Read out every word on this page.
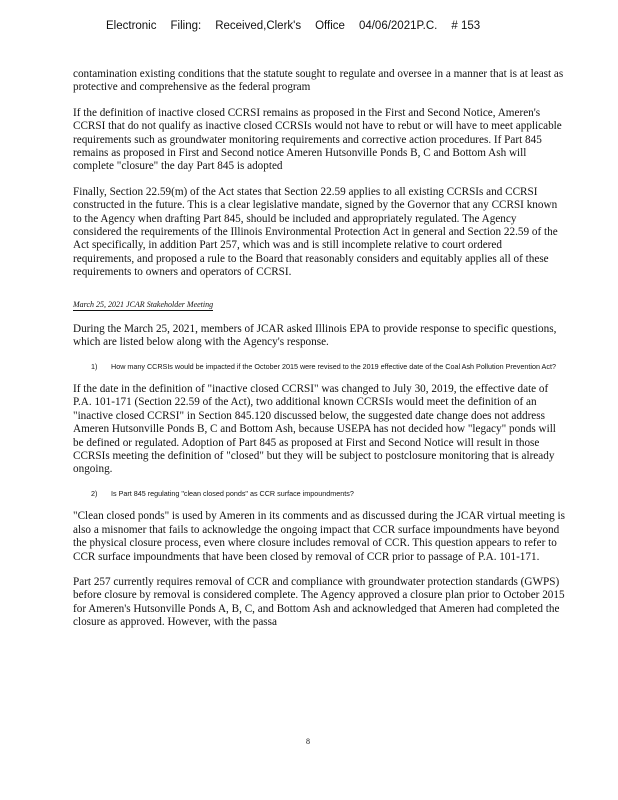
Electronic Filing: Received,Clerk's Office 04/06/2021P.C. # 153

contamination existing conditions that the statute sought to regulate and oversee in a manner that is at least as protective and comprehensive as the federal program

If the definition of inactive closed CCRSI remains as proposed in the First and Second Notice, Ameren's CCRSI that do not qualify as inactive closed CCRSIs would not have to rebut or will have to meet applicable requirements such as groundwater monitoring requirements and corrective action procedures. If Part 845 remains as proposed in First and Second notice Ameren Hutsonville Ponds B, C and Bottom Ash will complete "closure" the day Part 845 is adopted

Finally, Section 22.59(m) of the Act states that Section 22.59 applies to all existing CCRSIs and CCRSI constructed in the future. This is a clear legislative mandate, signed by the Governor that any CCRSI known to the Agency when drafting Part 845, should be included and appropriately regulated. The Agency considered the requirements of the Illinois Environmental Protection Act in general and Section 22.59 of the Act specifically, in addition Part 257, which was and is still incomplete relative to court ordered requirements, and proposed a rule to the Board that reasonably considers and equitably applies all of these requirements to owners and operators of CCRSI.

March 25, 2021 JCAR Stakeholder Meeting

During the March 25, 2021, members of JCAR asked Illinois EPA to provide response to specific questions, which are listed below along with the Agency's response.

1)	How many CCRSIs would be impacted if the October 2015 were revised to the 2019 effective date of the Coal Ash Pollution Prevention Act?

If the date in the definition of "inactive closed CCRSI" was changed to July 30, 2019, the effective date of P.A. 101-171 (Section 22.59 of the Act), two additional known CCRSIs would meet the definition of an "inactive closed CCRSI" in Section 845.120 discussed below, the suggested date change does not address Ameren Hutsonville Ponds B, C and Bottom Ash, because USEPA has not decided how "legacy" ponds will be defined or regulated. Adoption of Part 845 as proposed at First and Second Notice will result in those CCRSIs meeting the definition of "closed" but they will be subject to postclosure monitoring that is already ongoing.

2)	Is Part 845 regulating "clean closed ponds" as CCR surface impoundments?

"Clean closed ponds" is used by Ameren in its comments and as discussed during the JCAR virtual meeting is also a misnomer that fails to acknowledge the ongoing impact that CCR surface impoundments have beyond the physical closure process, even where closure includes removal of CCR. This question appears to refer to CCR surface impoundments that have been closed by removal of CCR prior to passage of P.A. 101-171.

Part 257 currently requires removal of CCR and compliance with groundwater protection standards (GWPS) before closure by removal is considered complete. The Agency approved a closure plan prior to October 2015 for Ameren's Hutsonville Ponds A, B, C, and Bottom Ash and acknowledged that Ameren had completed the closure as approved. However, with the passa

8
